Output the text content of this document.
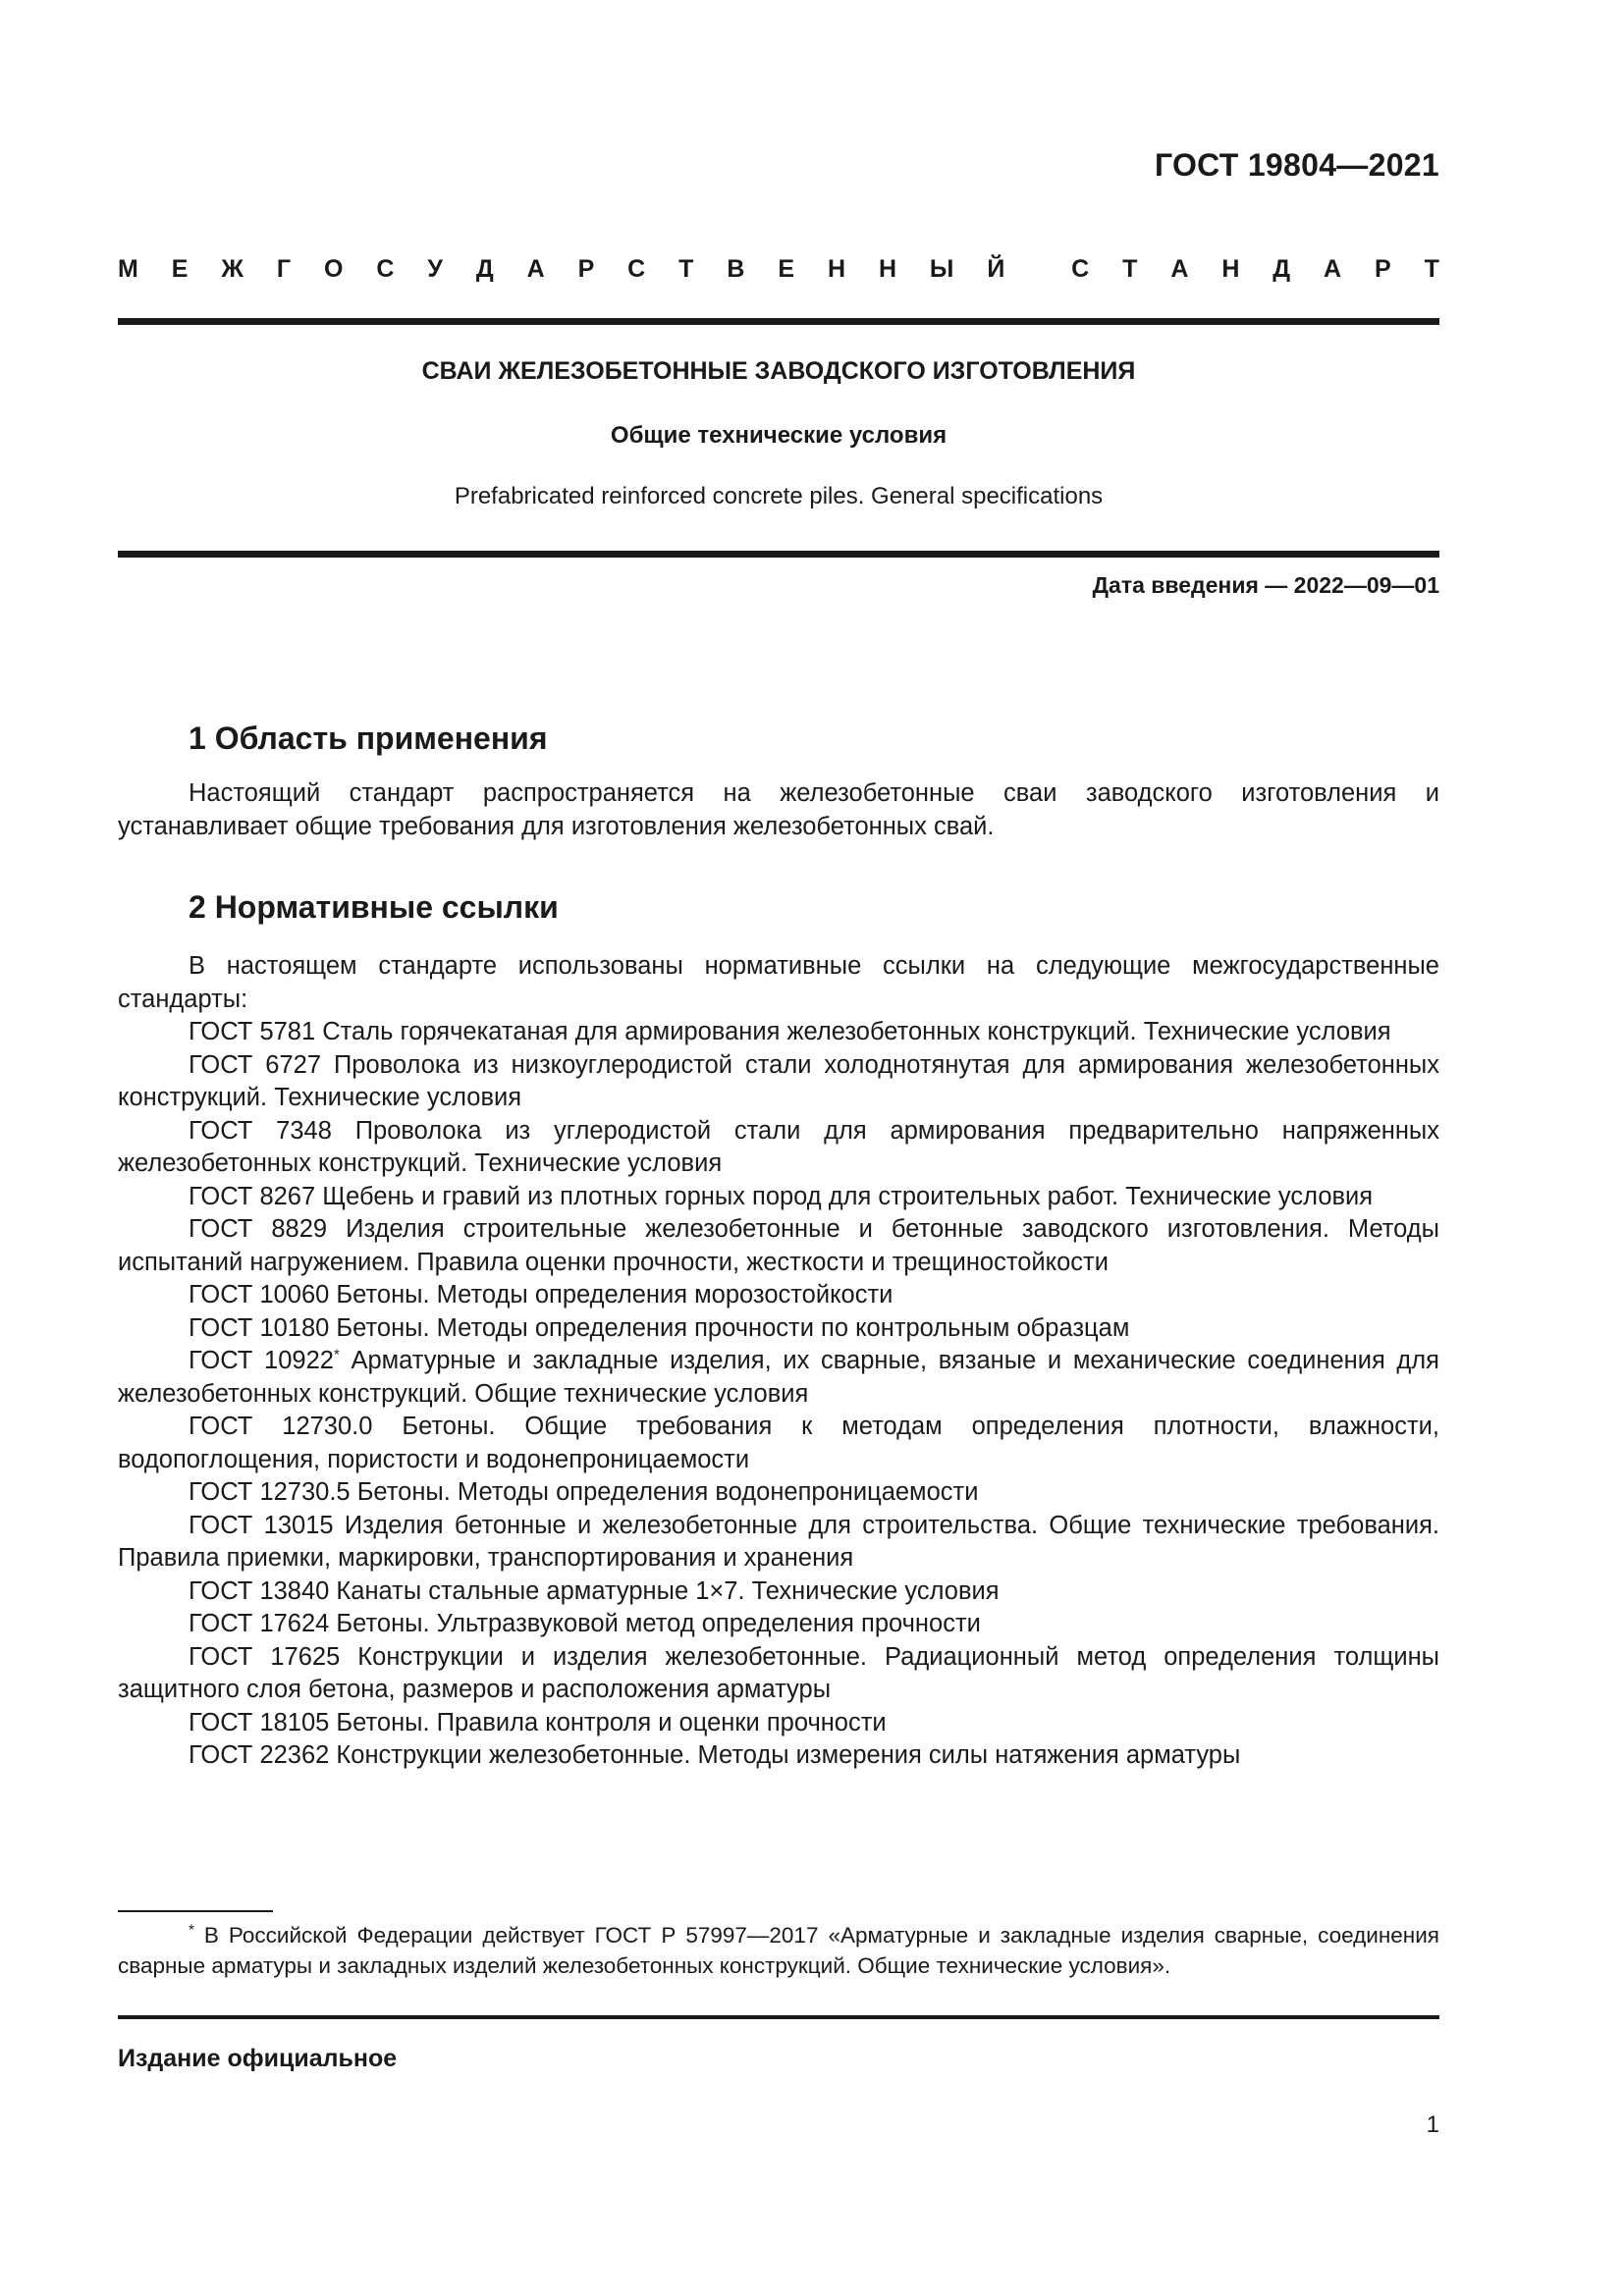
ГОСТ 19804—2021
М Е Ж Г О С У Д А Р С Т В Е Н Н Ы Й	С Т А Н Д А Р Т
СВАИ ЖЕЛЕЗОБЕТОННЫЕ ЗАВОДСКОГО ИЗГОТОВЛЕНИЯ
Общие технические условия
Prefabricated reinforced concrete piles. General specifications
Дата введения — 2022—09—01
1 Область применения

Настоящий стандарт распространяется на железобетонные сваи заводского изготовления и устанавливает общие требования для изготовления железобетонных свай.

2 Нормативные ссылки

В настоящем стандарте использованы нормативные ссылки на следующие межгосударственные стандарты:

ГОСТ 5781 Сталь горячекатаная для армирования железобетонных конструкций. Технические условия

ГОСТ 6727 Проволока из низкоуглеродистой стали холоднотянутая для армирования железобетонных конструкций. Технические условия

ГОСТ 7348 Проволока из углеродистой стали для армирования предварительно напряженных железобетонных конструкций. Технические условия

ГОСТ 8267 Щебень и гравий из плотных горных пород для строительных работ. Технические условия

ГОСТ 8829 Изделия строительные железобетонные и бетонные заводского изготовления. Методы испытаний нагружением. Правила оценки прочности, жесткости и трещиностойкости

ГОСТ 10060 Бетоны. Методы определения морозостойкости

ГОСТ 10180 Бетоны. Методы определения прочности по контрольным образцам

ГОСТ 10922* Арматурные и закладные изделия, их сварные, вязаные и механические соединения для железобетонных конструкций. Общие технические условия

ГОСТ 12730.0 Бетоны. Общие требования к методам определения плотности, влажности, водопоглощения, пористости и водонепроницаемости

ГОСТ 12730.5 Бетоны. Методы определения водонепроницаемости

ГОСТ 13015 Изделия бетонные и железобетонные для строительства. Общие технические требования. Правила приемки, маркировки, транспортирования и хранения

ГОСТ 13840 Канаты стальные арматурные 1×7. Технические условия

ГОСТ 17624 Бетоны. Ультразвуковой метод определения прочности

ГОСТ 17625 Конструкции и изделия железобетонные. Радиационный метод определения толщины защитного слоя бетона, размеров и расположения арматуры

ГОСТ 18105 Бетоны. Правила контроля и оценки прочности

ГОСТ 22362 Конструкции железобетонные. Методы измерения силы натяжения арматуры

* В Российской Федерации действует ГОСТ Р 57997—2017 «Арматурные и закладные изделия сварные, соединения сварные арматуры и закладных изделий железобетонных конструкций. Общие технические условия».

Издание официальное
1
